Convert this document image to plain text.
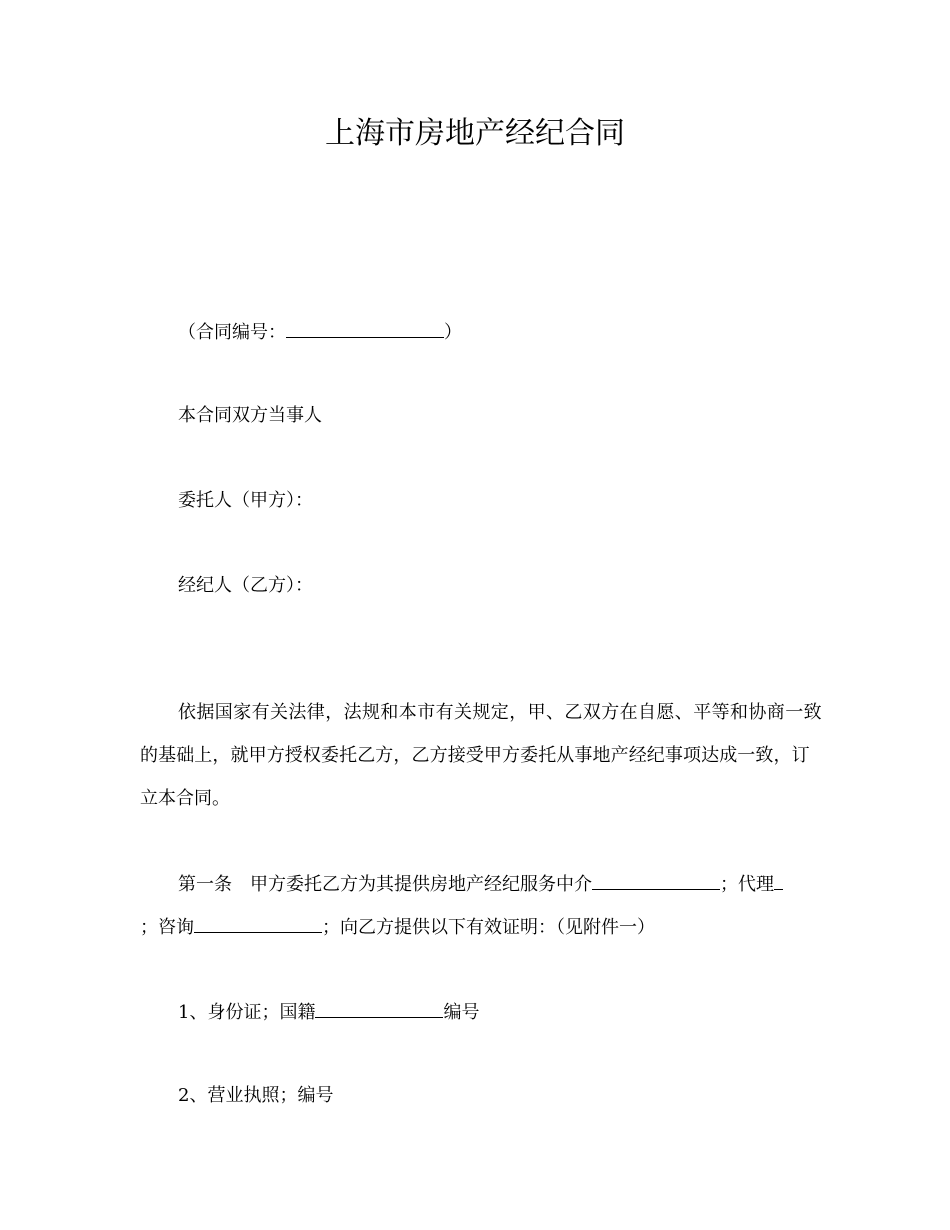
上海市房地产经纪合同
（合同编号：	）
本合同双方当事人
委托人（甲方）：
经纪人（乙方）：
依据国家有关法律，法规和本市有关规定，甲、乙双方在自愿、平等和协商一致
的基础上，就甲方授权委托乙方，乙方接受甲方委托从事地产经纪事项达成一致，订
立本合同。
第一条 甲方委托乙方为其提供房地产经纪服务中介	；代理
；咨询	；向乙方提供以下有效证明：（见附件一）
1、身份证；国籍	编号
2、营业执照；编号
